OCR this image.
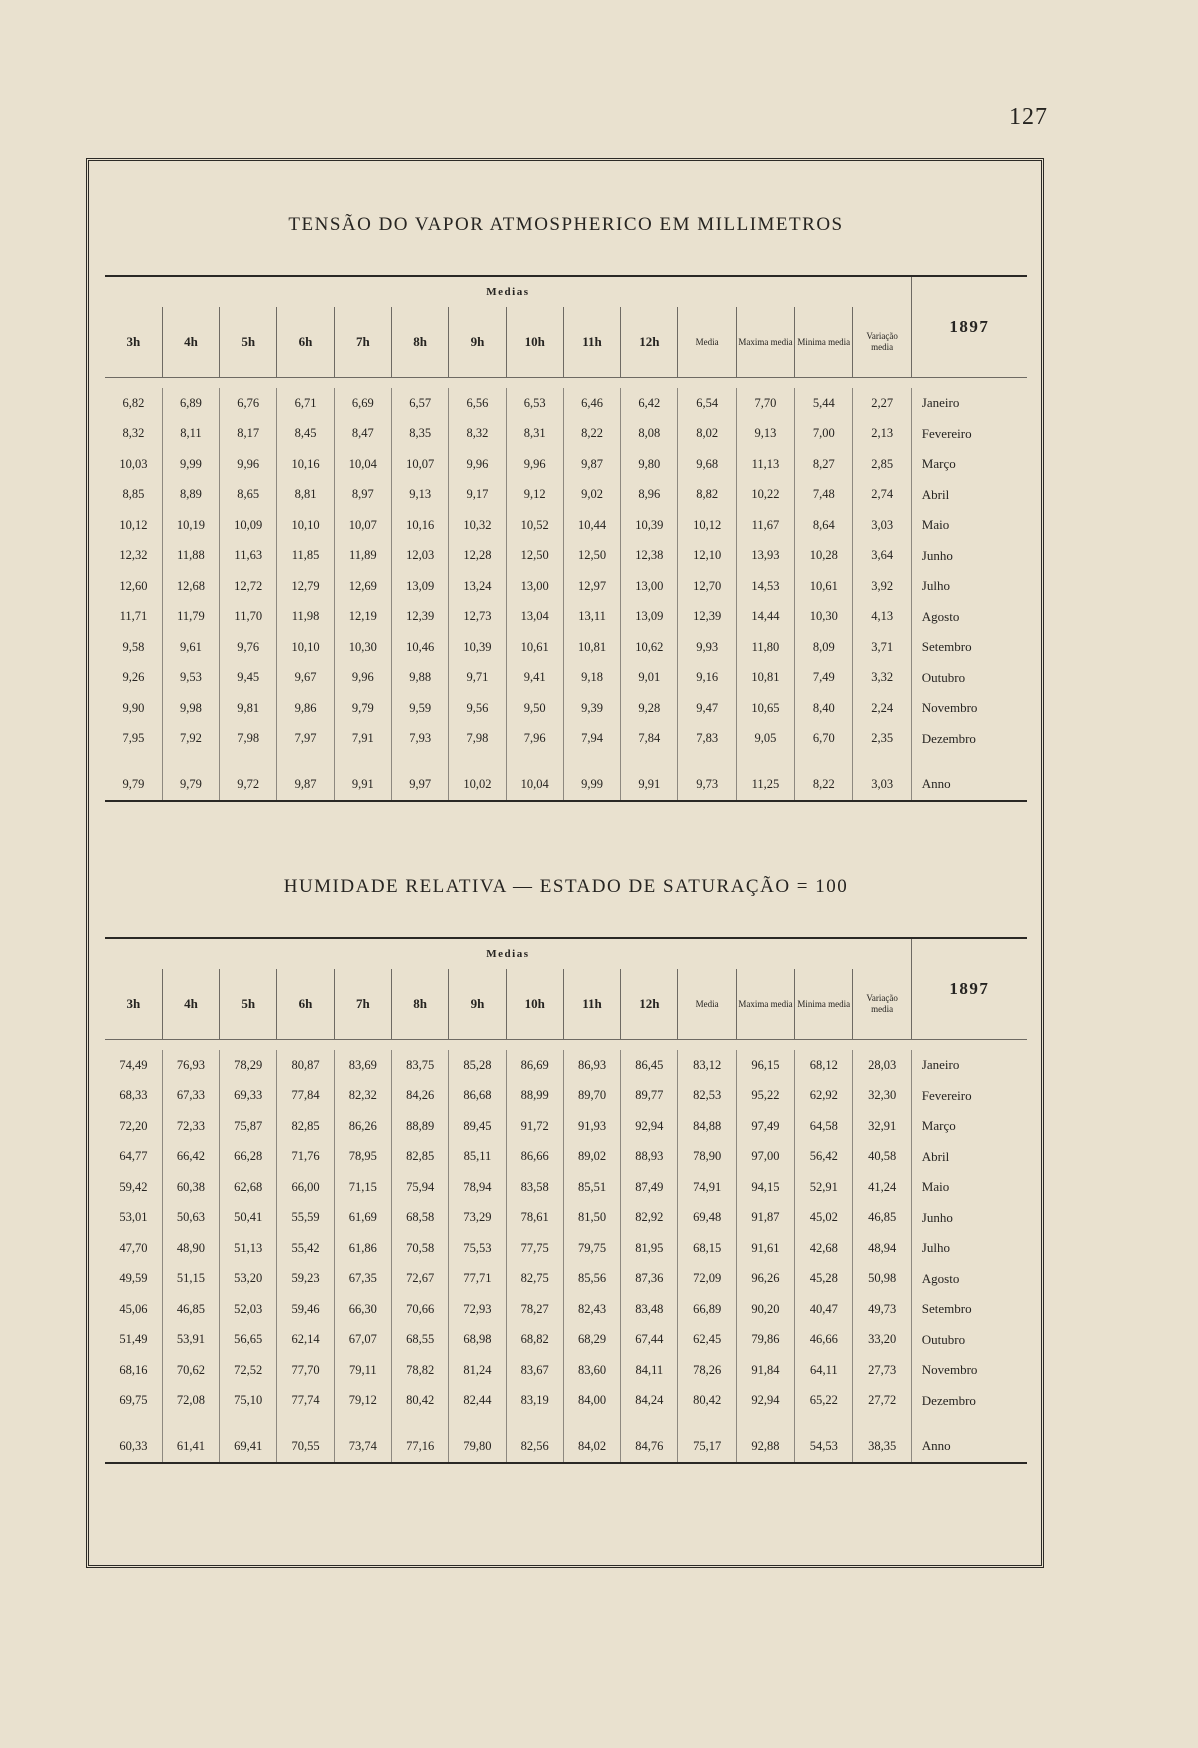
127
TENSÃO DO VAPOR ATMOSPHERICO EM MILLIMETROS
Medias														1897
3h	4h	5h	6h	7h	8h	9h	10h	11h	12h	Media	Maxima media	Minima media	Variação media	

6,82	6,89	6,76	6,71	6,69	6,57	6,56	6,53	6,46	6,42	6,54	7,70	5,44	2,27	Janeiro
8,32	8,11	8,17	8,45	8,47	8,35	8,32	8,31	8,22	8,08	8,02	9,13	7,00	2,13	Fevereiro
10,03	9,99	9,96	10,16	10,04	10,07	9,96	9,96	9,87	9,80	9,68	11,13	8,27	2,85	Março
8,85	8,89	8,65	8,81	8,97	9,13	9,17	9,12	9,02	8,96	8,82	10,22	7,48	2,74	Abril
10,12	10,19	10,09	10,10	10,07	10,16	10,32	10,52	10,44	10,39	10,12	11,67	8,64	3,03	Maio
12,32	11,88	11,63	11,85	11,89	12,03	12,28	12,50	12,50	12,38	12,10	13,93	10,28	3,64	Junho
12,60	12,68	12,72	12,79	12,69	13,09	13,24	13,00	12,97	13,00	12,70	14,53	10,61	3,92	Julho
11,71	11,79	11,70	11,98	12,19	12,39	12,73	13,04	13,11	13,09	12,39	14,44	10,30	4,13	Agosto
9,58	9,61	9,76	10,10	10,30	10,46	10,39	10,61	10,81	10,62	9,93	11,80	8,09	3,71	Setembro
9,26	9,53	9,45	9,67	9,96	9,88	9,71	9,41	9,18	9,01	9,16	10,81	7,49	3,32	Outubro
9,90	9,98	9,81	9,86	9,79	9,59	9,56	9,50	9,39	9,28	9,47	10,65	8,40	2,24	Novembro
7,95	7,92	7,98	7,97	7,91	7,93	7,98	7,96	7,94	7,84	7,83	9,05	6,70	2,35	Dezembro

9,79	9,79	9,72	9,87	9,91	9,97	10,02	10,04	9,99	9,91	9,73	11,25	8,22	3,03	Anno
HUMIDADE RELATIVA — ESTADO DE SATURAÇÃO = 100
Medias														1897
3h	4h	5h	6h	7h	8h	9h	10h	11h	12h	Media	Maxima media	Minima media	Variação media	

74,49	76,93	78,29	80,87	83,69	83,75	85,28	86,69	86,93	86,45	83,12	96,15	68,12	28,03	Janeiro
68,33	67,33	69,33	77,84	82,32	84,26	86,68	88,99	89,70	89,77	82,53	95,22	62,92	32,30	Fevereiro
72,20	72,33	75,87	82,85	86,26	88,89	89,45	91,72	91,93	92,94	84,88	97,49	64,58	32,91	Março
64,77	66,42	66,28	71,76	78,95	82,85	85,11	86,66	89,02	88,93	78,90	97,00	56,42	40,58	Abril
59,42	60,38	62,68	66,00	71,15	75,94	78,94	83,58	85,51	87,49	74,91	94,15	52,91	41,24	Maio
53,01	50,63	50,41	55,59	61,69	68,58	73,29	78,61	81,50	82,92	69,48	91,87	45,02	46,85	Junho
47,70	48,90	51,13	55,42	61,86	70,58	75,53	77,75	79,75	81,95	68,15	91,61	42,68	48,94	Julho
49,59	51,15	53,20	59,23	67,35	72,67	77,71	82,75	85,56	87,36	72,09	96,26	45,28	50,98	Agosto
45,06	46,85	52,03	59,46	66,30	70,66	72,93	78,27	82,43	83,48	66,89	90,20	40,47	49,73	Setembro
51,49	53,91	56,65	62,14	67,07	68,55	68,98	68,82	68,29	67,44	62,45	79,86	46,66	33,20	Outubro
68,16	70,62	72,52	77,70	79,11	78,82	81,24	83,67	83,60	84,11	78,26	91,84	64,11	27,73	Novembro
69,75	72,08	75,10	77,74	79,12	80,42	82,44	83,19	84,00	84,24	80,42	92,94	65,22	27,72	Dezembro

60,33	61,41	69,41	70,55	73,74	77,16	79,80	82,56	84,02	84,76	75,17	92,88	54,53	38,35	Anno
